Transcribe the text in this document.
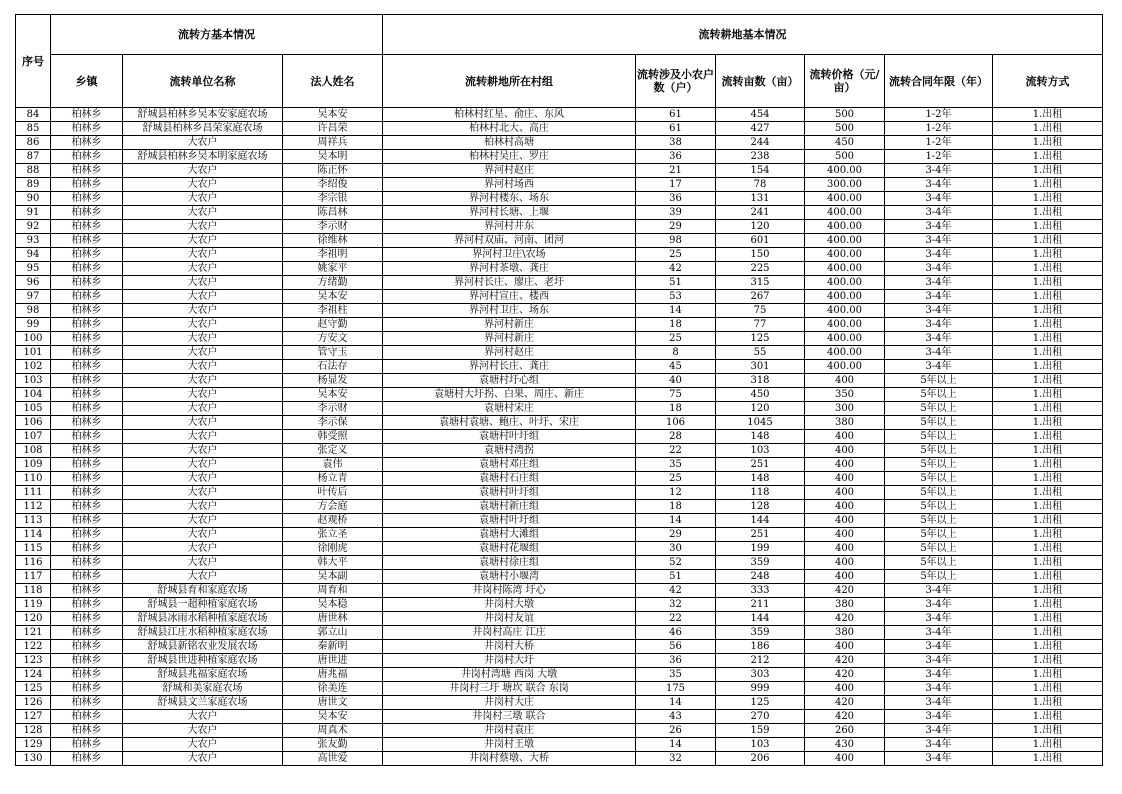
序号	流转方基本情况			流转耕地基本情况					
	乡镇	流转单位名称	法人姓名	流转耕地所在村组	流转涉及小农户数（户）	流转亩数（亩）	流转价格（元/亩）	流转合同年限（年）	流转方式
84	柏林乡	舒城县柏林乡吴本安家庭农场	吴本安	柏林村红星、俞庄、东风	61	454	500	1-2年	1.出租
85	柏林乡	舒城县柏林乡昌荣家庭农场	许昌荣	柏林村北大、高庄	61	427	500	1-2年	1.出租
86	柏林乡	大农户	周祥兵	柏林村高塘	38	244	450	1-2年	1.出租
87	柏林乡	舒城县柏林乡吴本明家庭农场	吴本明	柏林村吴庄、罗庄	36	238	500	1-2年	1.出租
88	柏林乡	大农户	陈正怀	界河村赵庄	21	154	400.00	3-4年	1.出租
89	柏林乡	大农户	李绍俊	界河村场西	17	78	300.00	3-4年	1.出租
90	柏林乡	大农户	李宗银	界河村楼东、场东	36	131	400.00	3-4年	1.出租
91	柏林乡	大农户	陈昌林	界河村长塘、上堰	39	241	400.00	3-4年	1.出租
92	柏林乡	大农户	李示财	界河村井东	29	120	400.00	3-4年	1.出租
93	柏林乡	大农户	徐维林	界河村双庙、河南、团河	98	601	400.00	3-4年	1.出租
94	柏林乡	大农户	李祖明	界河村卫庄\农场	25	150	400.00	3-4年	1.出租
95	柏林乡	大农户	姚家平	界河村茶墩、龚庄	42	225	400.00	3-4年	1.出租
96	柏林乡	大农户	方绪勤	界河村长庄、廖庄、老圩	51	315	400.00	3-4年	1.出租
97	柏林乡	大农户	吴本安	界河村宣庄、楼西	53	267	400.00	3-4年	1.出租
98	柏林乡	大农户	李祖柱	界河村卫庄、场东	14	75	400.00	3-4年	1.出租
99	柏林乡	大农户	赵守勤	界河村新庄	18	77	400.00	3-4年	1.出租
100	柏林乡	大农户	方安文	界河村新庄	25	125	400.00	3-4年	1.出租
101	柏林乡	大农户	管守玉	界河村赵庄	8	55	400.00	3-4年	1.出租
102	柏林乡	大农户	石法存	界河村长庄、龚庄	45	301	400.00	3-4年	1.出租
103	柏林乡	大农户	杨显发	袁塘村圩心组	40	318	400	5年以上	1.出租
104	柏林乡	大农户	吴本安	袁塘村大圩拐、白果、周庄、新庄	75	450	350	5年以上	1.出租
105	柏林乡	大农户	李示财	袁塘村宋庄	18	120	300	5年以上	1.出租
106	柏林乡	大农户	李示保	袁塘村袁塘、鲍庄、叶圩、宋庄	106	1045	380	5年以上	1.出租
107	柏林乡	大农户	韩受照	袁塘村叶圩组	28	148	400	5年以上	1.出租
108	柏林乡	大农户	张定义	袁塘村湾拐	22	103	400	5年以上	1.出租
109	柏林乡	大农户	袁伟	袁塘村邓庄组	35	251	400	5年以上	1.出租
110	柏林乡	大农户	杨立青	袁塘村石庄组	25	148	400	5年以上	1.出租
111	柏林乡	大农户	叶传后	袁塘村叶圩组	12	118	400	5年以上	1.出租
112	柏林乡	大农户	方会庭	袁塘村新庄组	18	128	400	5年以上	1.出租
113	柏林乡	大农户	赵观桥	袁塘村叶圩组	14	144	400	5年以上	1.出租
114	柏林乡	大农户	张立圣	袁塘村大滩组	29	251	400	5年以上	1.出租
115	柏林乡	大农户	徐刚虎	袁塘村花堰组	30	199	400	5年以上	1.出租
116	柏林乡	大农户	韩大平	袁塘村徐庄组	52	359	400	5年以上	1.出租
117	柏林乡	大农户	吴本副	袁塘村小堰湾	51	248	400	5年以上	1.出租
118	柏林乡	舒城县育和家庭农场	周育和	井岗村陈湾 圩心	42	333	420	3-4年	1.出租
119	柏林乡	舒城县一超种植家庭农场	吴本稳	井岗村大墩	32	211	380	3-4年	1.出租
120	柏林乡	舒城县冰雨水稻种植家庭农场	唐世林	井岗村友谊	22	144	420	3-4年	1.出租
121	柏林乡	舒城县江庄水稻种植家庭农场	郭立山	井岗村高庄 江庄	46	359	380	3-4年	1.出租
122	柏林乡	舒城县新铭农业发展农场	秦新明	井岗村大桥	56	186	400	3-4年	1.出租
123	柏林乡	舒城县世进种植家庭农场	唐世进	井岗村大圩	36	212	420	3-4年	1.出租
124	柏林乡	舒城县兆福家庭农场	唐兆福	井岗村湾塘 西岗 大墩	35	303	420	3-4年	1.出租
125	柏林乡	舒城和美家庭农场	徐美连	井岗村三圩 塘坎 联合 东岗	175	999	400	3-4年	1.出租
126	柏林乡	舒城县文兰家庭农场	唐世文	井岗村大庄	14	125	420	3-4年	1.出租
127	柏林乡	大农户	吴本安	井岗村三墩 联合	43	270	420	3-4年	1.出租
128	柏林乡	大农户	周真术	井岗村袁庄	26	159	260	3-4年	1.出租
129	柏林乡	大农户	张友勤	井岗村王墩	14	103	430	3-4年	1.出租
130	柏林乡	大农户	高世爱	井岗村蔡墩、大桥	32	206	400	3-4年	1.出租
